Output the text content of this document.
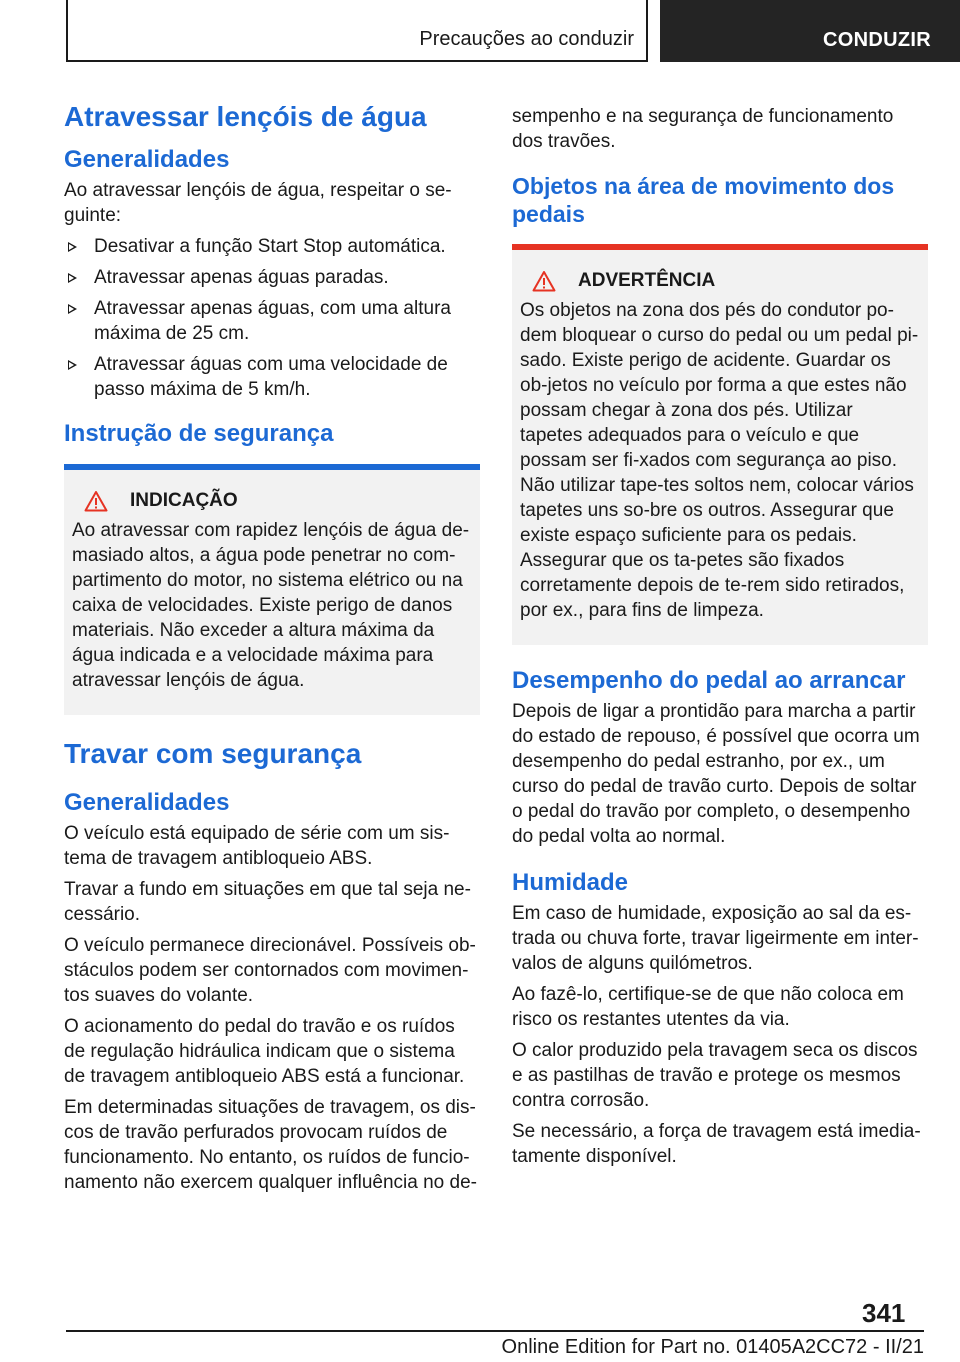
Precauções ao conduzir	CONDUZIR
Atravessar lençóis de água
Generalidades

Ao atravessar lençóis de água, respeitar o se-guinte:

Desativar a função Start Stop automática.
Atravessar apenas águas paradas.
Atravessar apenas águas, com uma altura máxima de 25 cm.
Atravessar águas com uma velocidade de passo máxima de 5 km/h.
Instrução de segurança
INDICAÇÃO

Ao atravessar com rapidez lençóis de água de-masiado altos, a água pode penetrar no com-partimento do motor, no sistema elétrico ou na caixa de velocidades. Existe perigo de danos materiais. Não exceder a altura máxima da água indicada e a velocidade máxima para atravessar lençóis de água.

Travar com segurança
Generalidades

O veículo está equipado de série com um sis-tema de travagem antibloqueio ABS.

Travar a fundo em situações em que tal seja ne-cessário.

O veículo permanece direcionável. Possíveis ob-stáculos podem ser contornados com movimen-tos suaves do volante.

O acionamento do pedal do travão e os ruídos de regulação hidráulica indicam que o sistema de travagem antibloqueio ABS está a funcionar.

Em determinadas situações de travagem, os dis-cos de travão perfurados provocam ruídos de funcionamento. No entanto, os ruídos de funcio-namento não exercem qualquer influência no de-

sempenho e na segurança de funcionamento dos travões.

Objetos na área de movimento dos pedais
ADVERTÊNCIA

Os objetos na zona dos pés do condutor po-dem bloquear o curso do pedal ou um pedal pi-sado. Existe perigo de acidente. Guardar os ob-jetos no veículo por forma a que estes não possam chegar à zona dos pés. Utilizar tapetes adequados para o veículo e que possam ser fi-xados com segurança ao piso. Não utilizar tape-tes soltos nem, colocar vários tapetes uns so-bre os outros. Assegurar que existe espaço suficiente para os pedais. Assegurar que os ta-petes são fixados corretamente depois de te-rem sido retirados, por ex., para fins de limpeza.

Desempenho do pedal ao arrancar

Depois de ligar a prontidão para marcha a partir do estado de repouso, é possível que ocorra um desempenho do pedal estranho, por ex., um curso do pedal de travão curto. Depois de soltar o pedal do travão por completo, o desempenho do pedal volta ao normal.

Humidade

Em caso de humidade, exposição ao sal da es-trada ou chuva forte, travar ligeirmente em inter-valos de alguns quilómetros.

Ao fazê-lo, certifique-se de que não coloca em risco os restantes utentes da via.

O calor produzido pela travagem seca os discos e as pastilhas de travão e protege os mesmos contra corrosão.

Se necessário, a força de travagem está imedia-tamente disponível.

341
Online Edition for Part no. 01405A2CC72 - II/21
